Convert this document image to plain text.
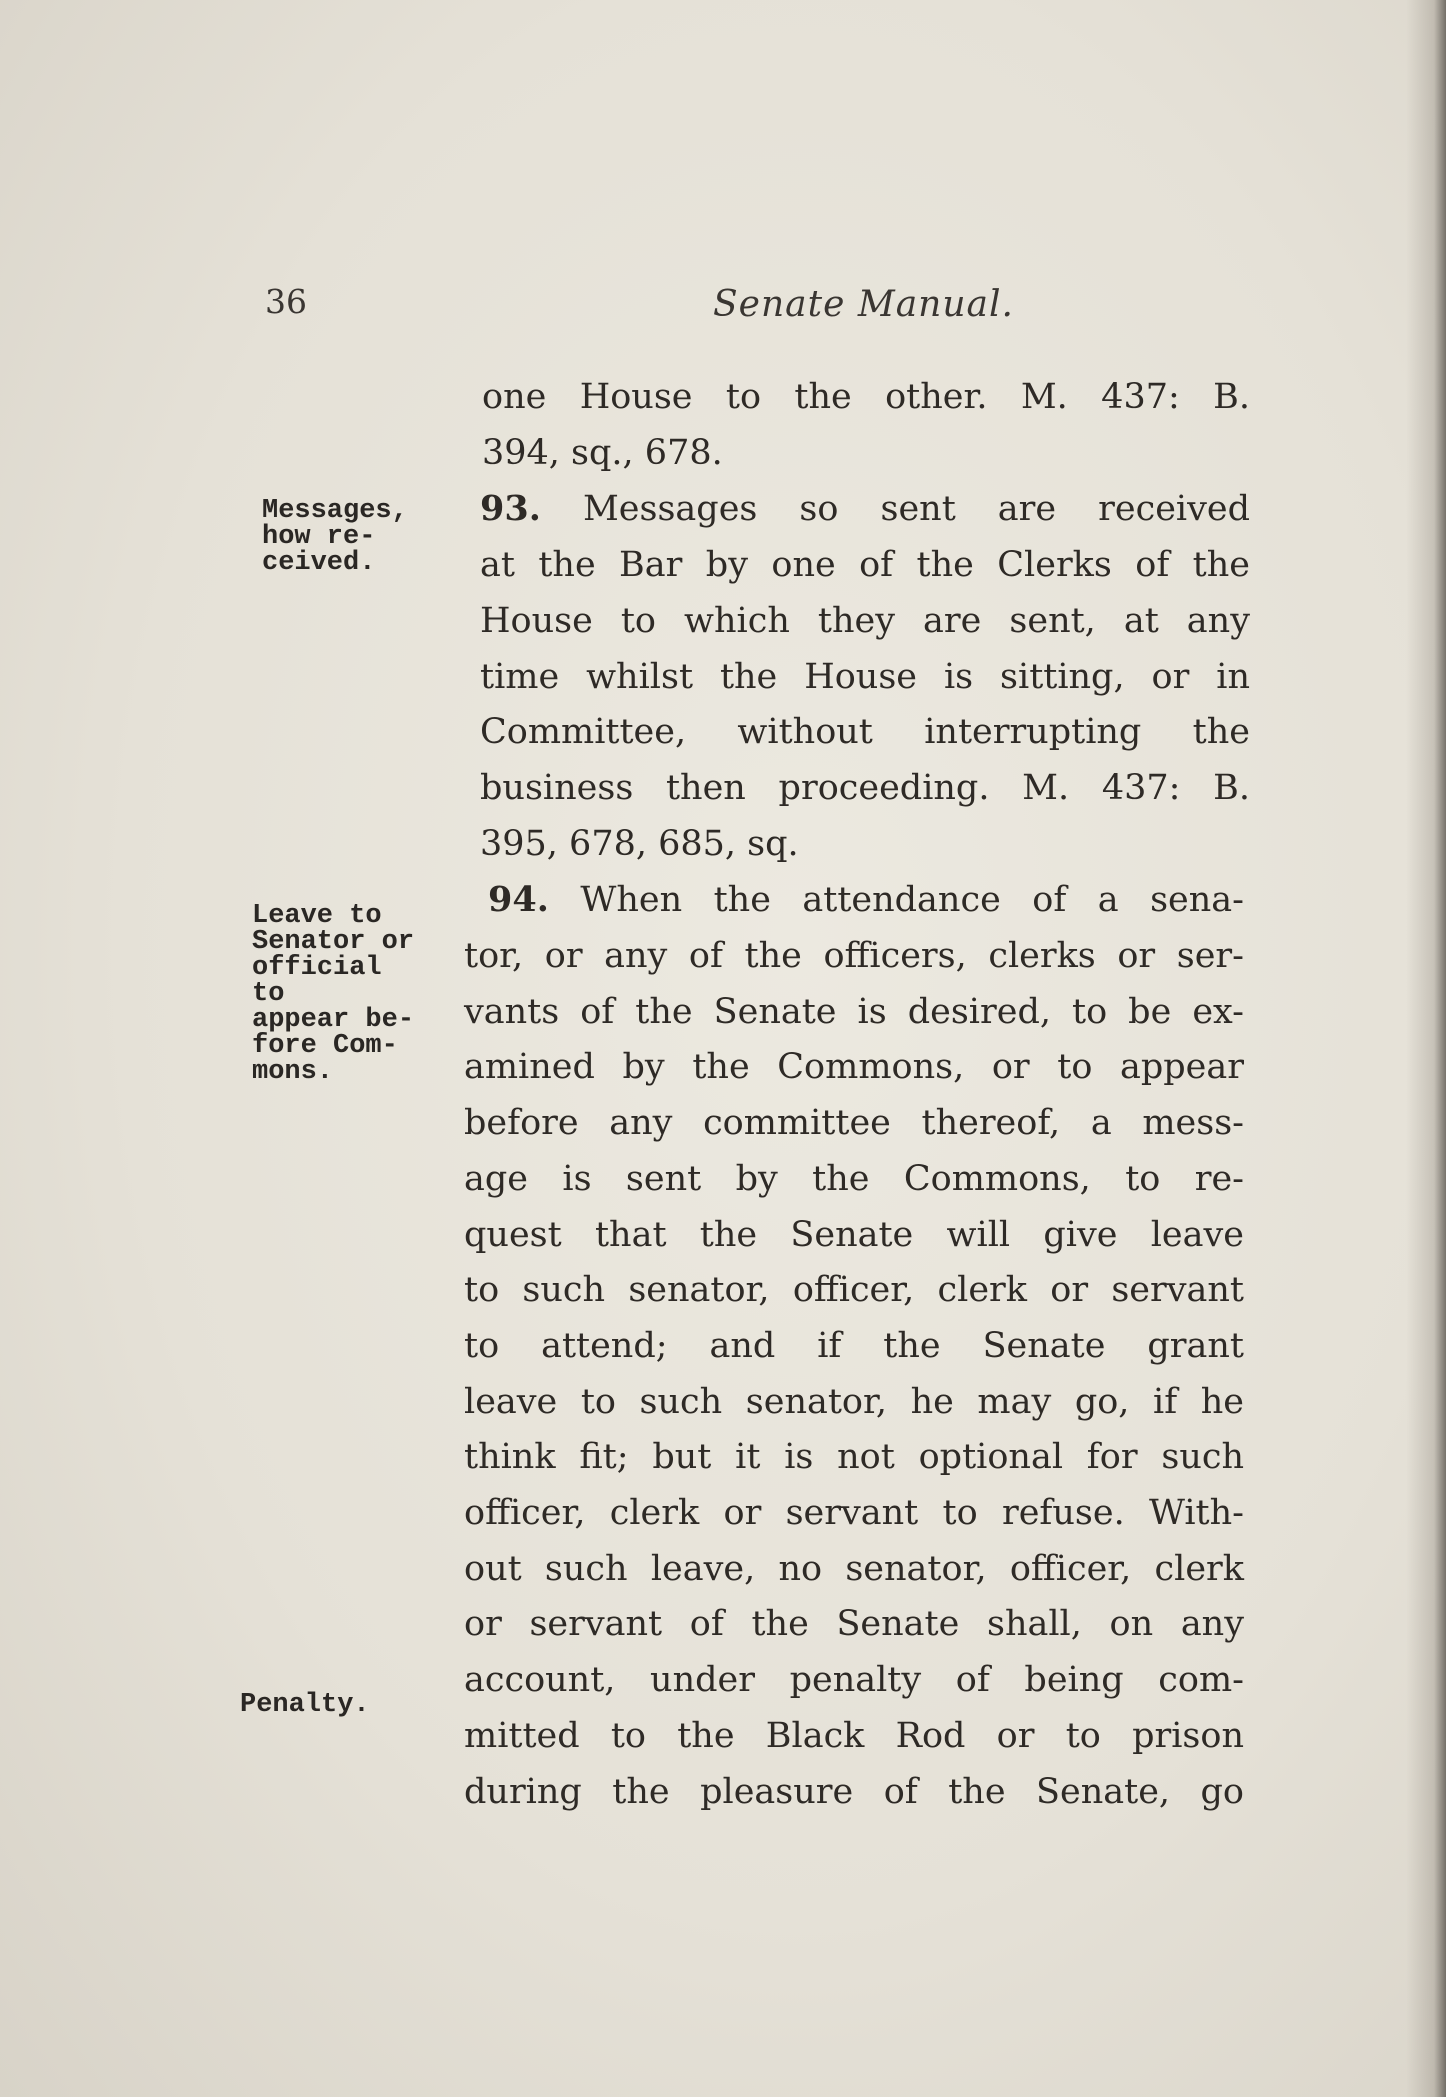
36	Senate Manual.
Messages,
how re-
ceived.
Leave to
Senator or
official to
appear be-
fore Com-
mons.
Penalty.

one House to the other. M. 437: B.
394, sq., 678.

93. Messages so sent are received
at the Bar by one of the Clerks of the
House to which they are sent, at any
time whilst the House is sitting, or in
Committee, without interrupting the
business then proceeding. M. 437: B.
395, 678, 685, sq.

94. When the attendance of a sena-
tor, or any of the officers, clerks or ser-
vants of the Senate is desired, to be ex-
amined by the Commons, or to appear
before any committee thereof, a mess-
age is sent by the Commons, to re-
quest that the Senate will give leave
to such senator, officer, clerk or servant
to attend; and if the Senate grant
leave to such senator, he may go, if he
think fit; but it is not optional for such
officer, clerk or servant to refuse. With-
out such leave, no senator, officer, clerk
or servant of the Senate shall, on any
account, under penalty of being com-
mitted to the Black Rod or to prison
during the pleasure of the Senate, go
